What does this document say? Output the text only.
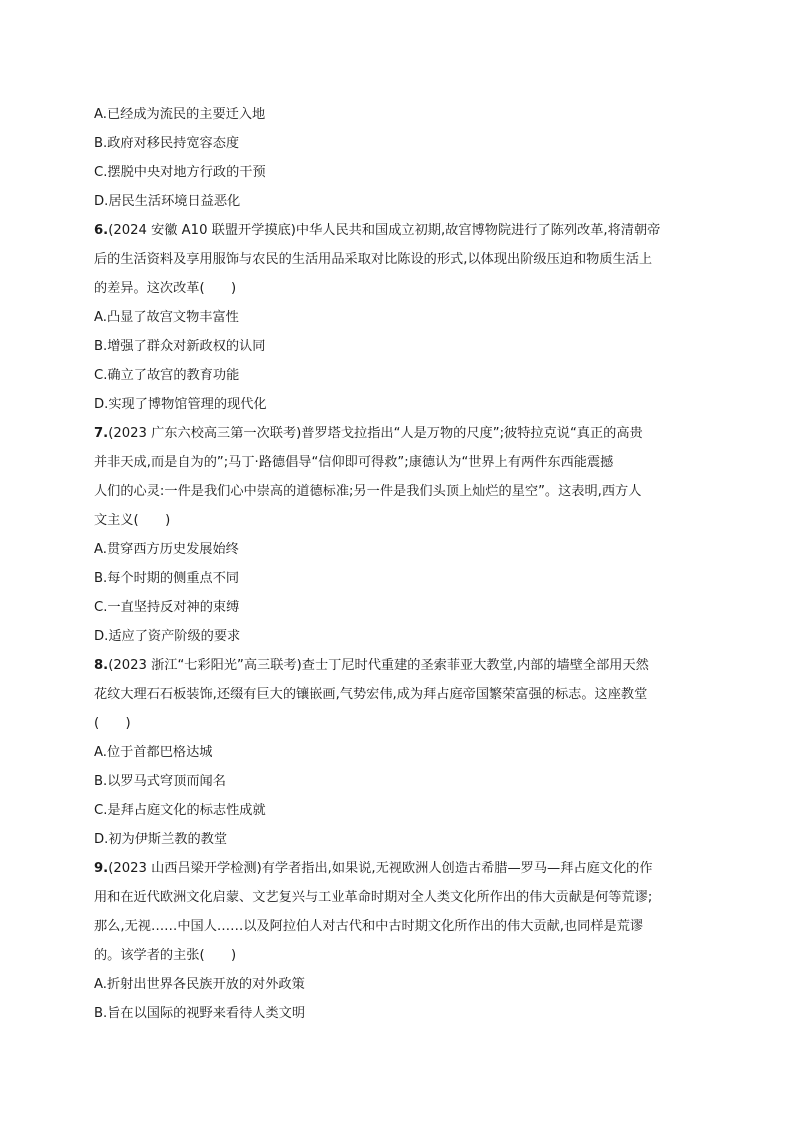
A.已经成为流民的主要迁入地
B.政府对移民持宽容态度
C.摆脱中央对地方行政的干预
D.居民生活环境日益恶化
6.(2024 安徽 A10 联盟开学摸底)中华人民共和国成立初期,故宫博物院进行了陈列改革,将清朝帝
后的生活资料及享用服饰与农民的生活用品采取对比陈设的形式,以体现出阶级压迫和物质生活上
的差异。这次改革(　　)
A.凸显了故宫文物丰富性
B.增强了群众对新政权的认同
C.确立了故宫的教育功能
D.实现了博物馆管理的现代化
7.(2023 广东六校高三第一次联考)普罗塔戈拉指出“人是万物的尺度”;彼特拉克说“真正的高贵
并非天成,而是自为的”;马丁·路德倡导“信仰即可得救”;康德认为“世界上有两件东西能震撼
人们的心灵:一件是我们心中崇高的道德标准;另一件是我们头顶上灿烂的星空”。这表明,西方人
文主义(　　)
A.贯穿西方历史发展始终
B.每个时期的侧重点不同
C.一直坚持反对神的束缚
D.适应了资产阶级的要求
8.(2023 浙江“七彩阳光”高三联考)查士丁尼时代重建的圣索菲亚大教堂,内部的墙壁全部用天然
花纹大理石石板装饰,还缀有巨大的镶嵌画,气势宏伟,成为拜占庭帝国繁荣富强的标志。这座教堂
(　　)
A.位于首都巴格达城
B.以罗马式穹顶而闻名
C.是拜占庭文化的标志性成就
D.初为伊斯兰教的教堂
9.(2023 山西吕梁开学检测)有学者指出,如果说,无视欧洲人创造古希腊—罗马—拜占庭文化的作
用和在近代欧洲文化启蒙、文艺复兴与工业革命时期对全人类文化所作出的伟大贡献是何等荒谬;
那么,无视……中国人……以及阿拉伯人对古代和中古时期文化所作出的伟大贡献,也同样是荒谬
的。该学者的主张(　　)
A.折射出世界各民族开放的对外政策
B.旨在以国际的视野来看待人类文明
